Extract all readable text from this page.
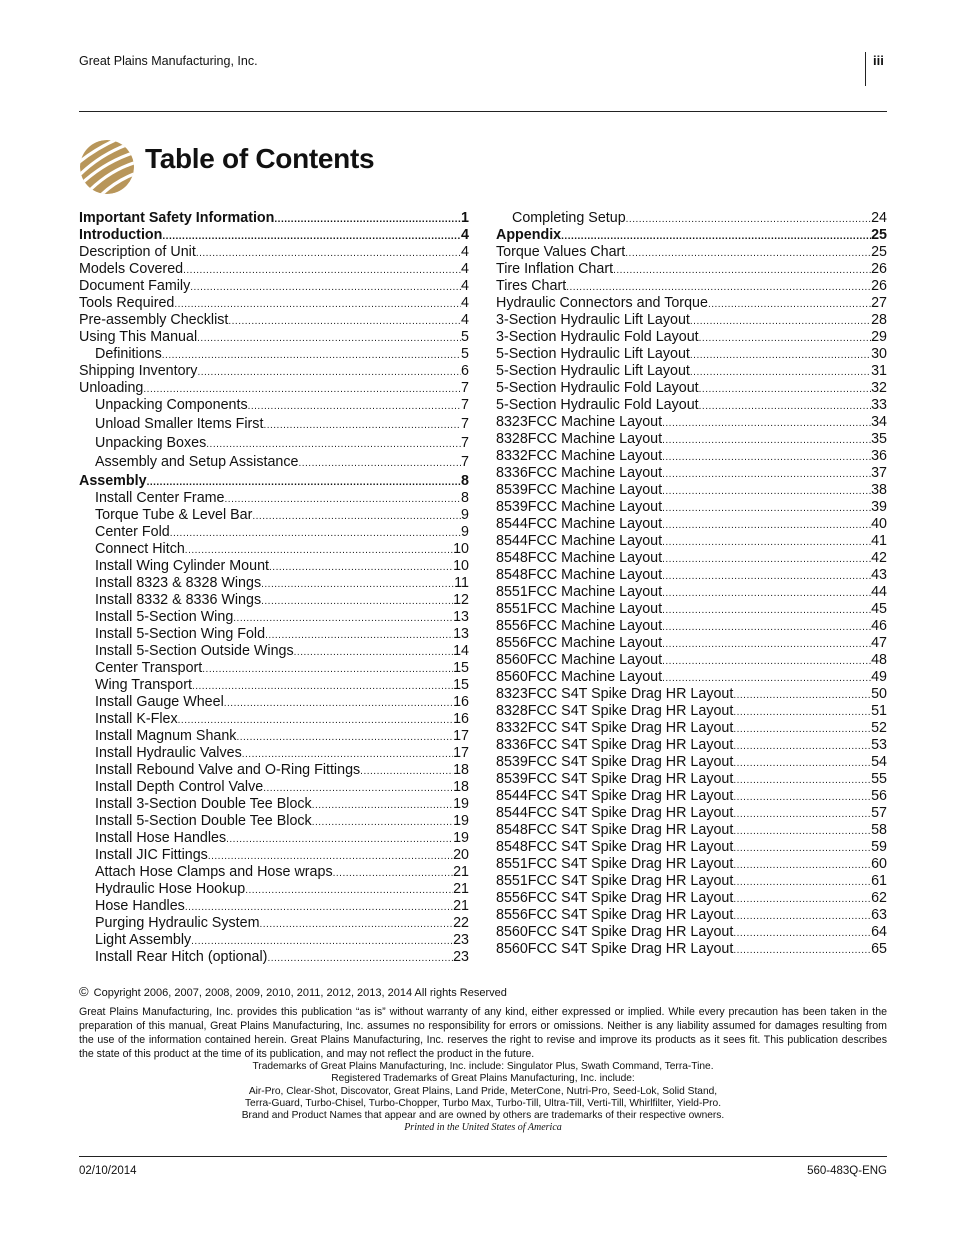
Great Plains Manufacturing, Inc.	iii
Table of Contents
Important Safety Information .....	1
Introduction .....	4
Description of Unit .....	4
Models Covered .....	4
Document Family .....	4
Tools Required .....	4
Pre-assembly Checklist .....	4
Using This Manual .....	5
Definitions .....	5
Shipping Inventory .....	6
Unloading .....	7
Unpacking Components .....	7
Unload Smaller Items First .....	7
Unpacking Boxes .....	7
Assembly and Setup Assistance .....	7
Assembly .....	8
Install Center Frame .....	8
Torque Tube & Level Bar .....	9
Center Fold .....	9
Connect Hitch .....	10
Install Wing Cylinder Mount .....	10
Install 8323 & 8328 Wings .....	11
Install 8332 & 8336 Wings .....	12
Install 5-Section Wing .....	13
Install 5-Section Wing Fold .....	13
Install 5-Section Outside Wings .....	14
Center Transport .....	15
Wing Transport .....	15
Install Gauge Wheel .....	16
Install K-Flex .....	16
Install Magnum Shank .....	17
Install Hydraulic Valves .....	17
Install Rebound Valve and O-Ring Fittings .....	18
Install Depth Control Valve .....	18
Install 3-Section Double Tee Block .....	19
Install 5-Section Double Tee Block .....	19
Install Hose Handles .....	19
Install JIC Fittings .....	20
Attach Hose Clamps and Hose wraps .....	21
Hydraulic Hose Hookup .....	21
Hose Handles .....	21
Purging Hydraulic System .....	22
Light Assembly .....	23
Install Rear Hitch (optional) .....	23
Completing Setup .....	24
Appendix .....	25
Torque Values Chart .....	25
Tire Inflation Chart .....	26
Tires Chart .....	26
Hydraulic Connectors and Torque .....	27
3-Section Hydraulic Lift Layout .....	28
3-Section Hydraulic Fold Layout .....	29
5-Section Hydraulic Lift Layout .....	30
5-Section Hydraulic Lift Layout .....	31
5-Section Hydraulic Fold Layout .....	32
5-Section Hydraulic Fold Layout .....	33
8323FCC Machine Layout .....	34
8328FCC Machine Layout .....	35
8332FCC Machine Layout .....	36
8336FCC Machine Layout .....	37
8539FCC Machine Layout .....	38
8539FCC Machine Layout .....	39
8544FCC Machine Layout .....	40
8544FCC Machine Layout .....	41
8548FCC Machine Layout .....	42
8548FCC Machine Layout .....	43
8551FCC Machine Layout .....	44
8551FCC Machine Layout .....	45
8556FCC Machine Layout .....	46
8556FCC Machine Layout .....	47
8560FCC Machine Layout .....	48
8560FCC Machine Layout .....	49
8323FCC S4T Spike Drag HR Layout .....	50
8328FCC S4T Spike Drag HR Layout .....	51
8332FCC S4T Spike Drag HR Layout .....	52
8336FCC S4T Spike Drag HR Layout .....	53
8539FCC S4T Spike Drag HR Layout .....	54
8539FCC S4T Spike Drag HR Layout .....	55
8544FCC S4T Spike Drag HR Layout .....	56
8544FCC S4T Spike Drag HR Layout .....	57
8548FCC S4T Spike Drag HR Layout .....	58
8548FCC S4T Spike Drag HR Layout .....	59
8551FCC S4T Spike Drag HR Layout .....	60
8551FCC S4T Spike Drag HR Layout .....	61
8556FCC S4T Spike Drag HR Layout .....	62
8556FCC S4T Spike Drag HR Layout .....	63
8560FCC S4T Spike Drag HR Layout .....	64
8560FCC S4T Spike Drag HR Layout .....	65
© Copyright 2006, 2007, 2008, 2009, 2010, 2011, 2012, 2013, 2014 All rights Reserved
Great Plains Manufacturing, Inc. provides this publication “as is” without warranty of any kind, either expressed or implied. While every precaution has been taken in the preparation of this manual, Great Plains Manufacturing, Inc. assumes no responsibility for errors or omissions. Neither is any liability assumed for damages resulting from the use of the information contained herein. Great Plains Manufacturing, Inc. reserves the right to revise and improve its products as it sees fit. This publication describes the state of this product at the time of its publication, and may not reflect the product in the future.
Trademarks of Great Plains Manufacturing, Inc. include: Singulator Plus, Swath Command, Terra-Tine.
Registered Trademarks of Great Plains Manufacturing, Inc. include:
Air-Pro, Clear-Shot, Discovator, Great Plains, Land Pride, MeterCone, Nutri-Pro, Seed-Lok, Solid Stand,
Terra-Guard, Turbo-Chisel, Turbo-Chopper, Turbo Max, Turbo-Till, Ultra-Till, Verti-Till, Whirlfilter, Yield-Pro.
Brand and Product Names that appear and are owned by others are trademarks of their respective owners.
Printed in the United States of America
02/10/2014	560-483Q-ENG
